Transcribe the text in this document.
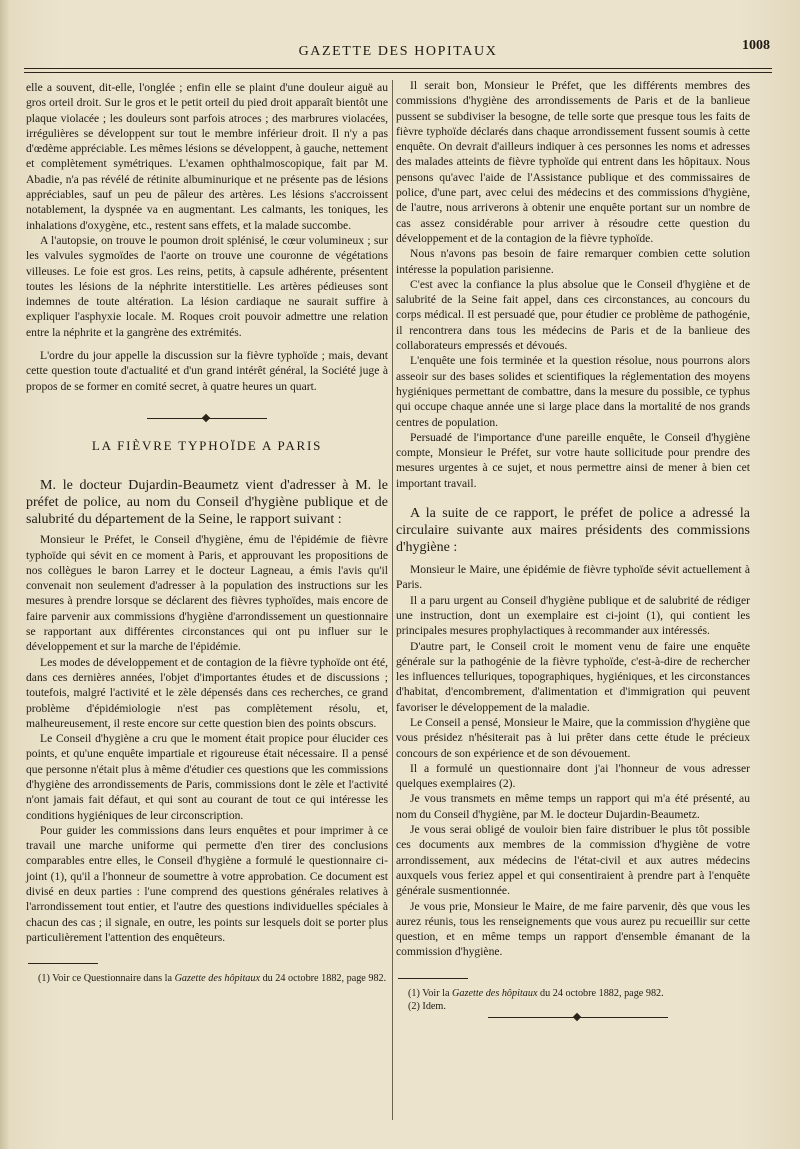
GAZETTE DES HOPITAUX	1008

elle a souvent, dit-elle, l'onglée ; enfin elle se plaint d'une douleur aiguë au gros orteil droit. Sur le gros et le petit orteil du pied droit apparaît bientôt une plaque violacée ; les douleurs sont parfois atroces ; des marbrures violacées, irrégulières se développent sur tout le membre inférieur droit. Il n'y a pas d'œdème appréciable. Les mêmes lésions se développent, à gauche, nettement et complètement symétriques. L'examen ophthalmoscopique, fait par M. Abadie, n'a pas révélé de rétinite albuminurique et ne présente pas de lésions appréciables, sauf un peu de pâleur des artères. Les lésions s'accroissent notablement, la dyspnée va en augmentant. Les calmants, les toniques, les inhalations d'oxygène, etc., restent sans effets, et la malade succombe.

A l'autopsie, on trouve le poumon droit splénisé, le cœur volumineux ; sur les valvules sygmoïdes de l'aorte on trouve une couronne de végétations villeuses. Le foie est gros. Les reins, petits, à capsule adhérente, présentent toutes les lésions de la néphrite interstitielle. Les artères pédieuses sont indemnes de toute altération. La lésion cardiaque ne saurait suffire à expliquer l'asphyxie locale. M. Roques croit pouvoir admettre une relation entre la néphrite et la gangrène des extrémités.

L'ordre du jour appelle la discussion sur la fièvre typhoïde ; mais, devant cette question toute d'actualité et d'un grand intérêt général, la Société juge à propos de se former en comité secret, à quatre heures un quart.

LA FIÈVRE TYPHOÏDE A PARIS

M. le docteur Dujardin-Beaumetz vient d'adresser à M. le préfet de police, au nom du Conseil d'hygiène publique et de salubrité du département de la Seine, le rapport suivant :

Monsieur le Préfet, le Conseil d'hygiène, ému de l'épidémie de fièvre typhoïde qui sévit en ce moment à Paris, et approuvant les propositions de nos collègues le baron Larrey et le docteur Lagneau, a émis l'avis qu'il convenait non seulement d'adresser à la population des instructions sur les mesures à prendre lorsque se déclarent des fièvres typhoïdes, mais encore de faire parvenir aux commissions d'hygiène d'arrondissement un questionnaire se rapportant aux différentes circonstances qui ont pu influer sur le développement et sur la marche de l'épidémie.

Les modes de développement et de contagion de la fièvre typhoïde ont été, dans ces dernières années, l'objet d'importantes études et de discussions ; toutefois, malgré l'activité et le zèle dépensés dans ces recherches, ce grand problème d'épidémiologie n'est pas complètement résolu, et, malheureusement, il reste encore sur cette question bien des points obscurs.

Le Conseil d'hygiène a cru que le moment était propice pour élucider ces points, et qu'une enquête impartiale et rigoureuse était nécessaire. Il a pensé que personne n'était plus à même d'étudier ces questions que les commissions d'hygiène des arrondissements de Paris, commissions dont le zèle et l'activité n'ont jamais fait défaut, et qui sont au courant de tout ce qui intéresse les conditions hygiéniques de leur circonscription.

Pour guider les commissions dans leurs enquêtes et pour imprimer à ce travail une marche uniforme qui permette d'en tirer des conclusions comparables entre elles, le Conseil d'hygiène a formulé le questionnaire ci-joint (1), qu'il a l'honneur de soumettre à votre approbation. Ce document est divisé en deux parties : l'une comprend des questions générales relatives à l'arrondissement tout entier, et l'autre des questions individuelles spéciales à chacun des cas ; il signale, en outre, les points sur lesquels doit se porter plus particulièrement l'attention des enquêteurs.

(1) Voir ce Questionnaire dans la Gazette des hôpitaux du 24 octobre 1882, page 982.

Il serait bon, Monsieur le Préfet, que les différents membres des commissions d'hygiène des arrondissements de Paris et de la banlieue pussent se subdiviser la besogne, de telle sorte que presque tous les faits de fièvre typhoïde déclarés dans chaque arrondissement fussent soumis à cette enquête. On devrait d'ailleurs indiquer à ces personnes les noms et adresses des malades atteints de fièvre typhoïde qui entrent dans les hôpitaux. Nous pensons qu'avec l'aide de l'Assistance publique et des commissaires de police, d'une part, avec celui des médecins et des commissions d'hygiène, de l'autre, nous arriverons à obtenir une enquête portant sur un nombre de cas assez considérable pour arriver à résoudre cette question du développement et de la contagion de la fièvre typhoïde.

Nous n'avons pas besoin de faire remarquer combien cette solution intéresse la population parisienne.

C'est avec la confiance la plus absolue que le Conseil d'hygiène et de salubrité de la Seine fait appel, dans ces circonstances, au concours du corps médical. Il est persuadé que, pour étudier ce problème de pathogénie, il rencontrera dans tous les médecins de Paris et de la banlieue des collaborateurs empressés et dévoués.

L'enquête une fois terminée et la question résolue, nous pourrons alors asseoir sur des bases solides et scientifiques la réglementation des moyens hygiéniques permettant de combattre, dans la mesure du possible, ce typhus qui occupe chaque année une si large place dans la mortalité de nos grands centres de population.

Persuadé de l'importance d'une pareille enquête, le Conseil d'hygiène compte, Monsieur le Préfet, sur votre haute sollicitude pour prendre des mesures urgentes à ce sujet, et nous permettre ainsi de mener à bien cet important travail.

A la suite de ce rapport, le préfet de police a adressé la circulaire suivante aux maires présidents des commissions d'hygiène :

Monsieur le Maire, une épidémie de fièvre typhoïde sévit actuellement à Paris.

Il a paru urgent au Conseil d'hygiène publique et de salubrité de rédiger une instruction, dont un exemplaire est ci-joint (1), qui contient les principales mesures prophylactiques à recommander aux intéressés.

D'autre part, le Conseil croit le moment venu de faire une enquête générale sur la pathogénie de la fièvre typhoïde, c'est-à-dire de rechercher les influences telluriques, topographiques, hygiéniques, et les circonstances d'habitat, d'encombrement, d'alimentation et d'immigration qui peuvent favoriser le développement de la maladie.

Le Conseil a pensé, Monsieur le Maire, que la commission d'hygiène que vous présidez n'hésiterait pas à lui prêter dans cette étude le précieux concours de son expérience et de son dévouement.

Il a formulé un questionnaire dont j'ai l'honneur de vous adresser quelques exemplaires (2).

Je vous transmets en même temps un rapport qui m'a été présenté, au nom du Conseil d'hygiène, par M. le docteur Dujardin-Beaumetz.

Je vous serai obligé de vouloir bien faire distribuer le plus tôt possible ces documents aux membres de la commission d'hygiène de votre arrondissement, aux médecins de l'état-civil et aux autres médecins auxquels vous feriez appel et qui consentiraient à prendre part à l'enquête générale susmentionnée.

Je vous prie, Monsieur le Maire, de me faire parvenir, dès que vous les aurez réunis, tous les renseignements que vous aurez pu recueillir sur cette question, et en même temps un rapport d'ensemble émanant de la commission d'hygiène.

(1) Voir la Gazette des hôpitaux du 24 octobre 1882, page 982.

(2) Idem.
